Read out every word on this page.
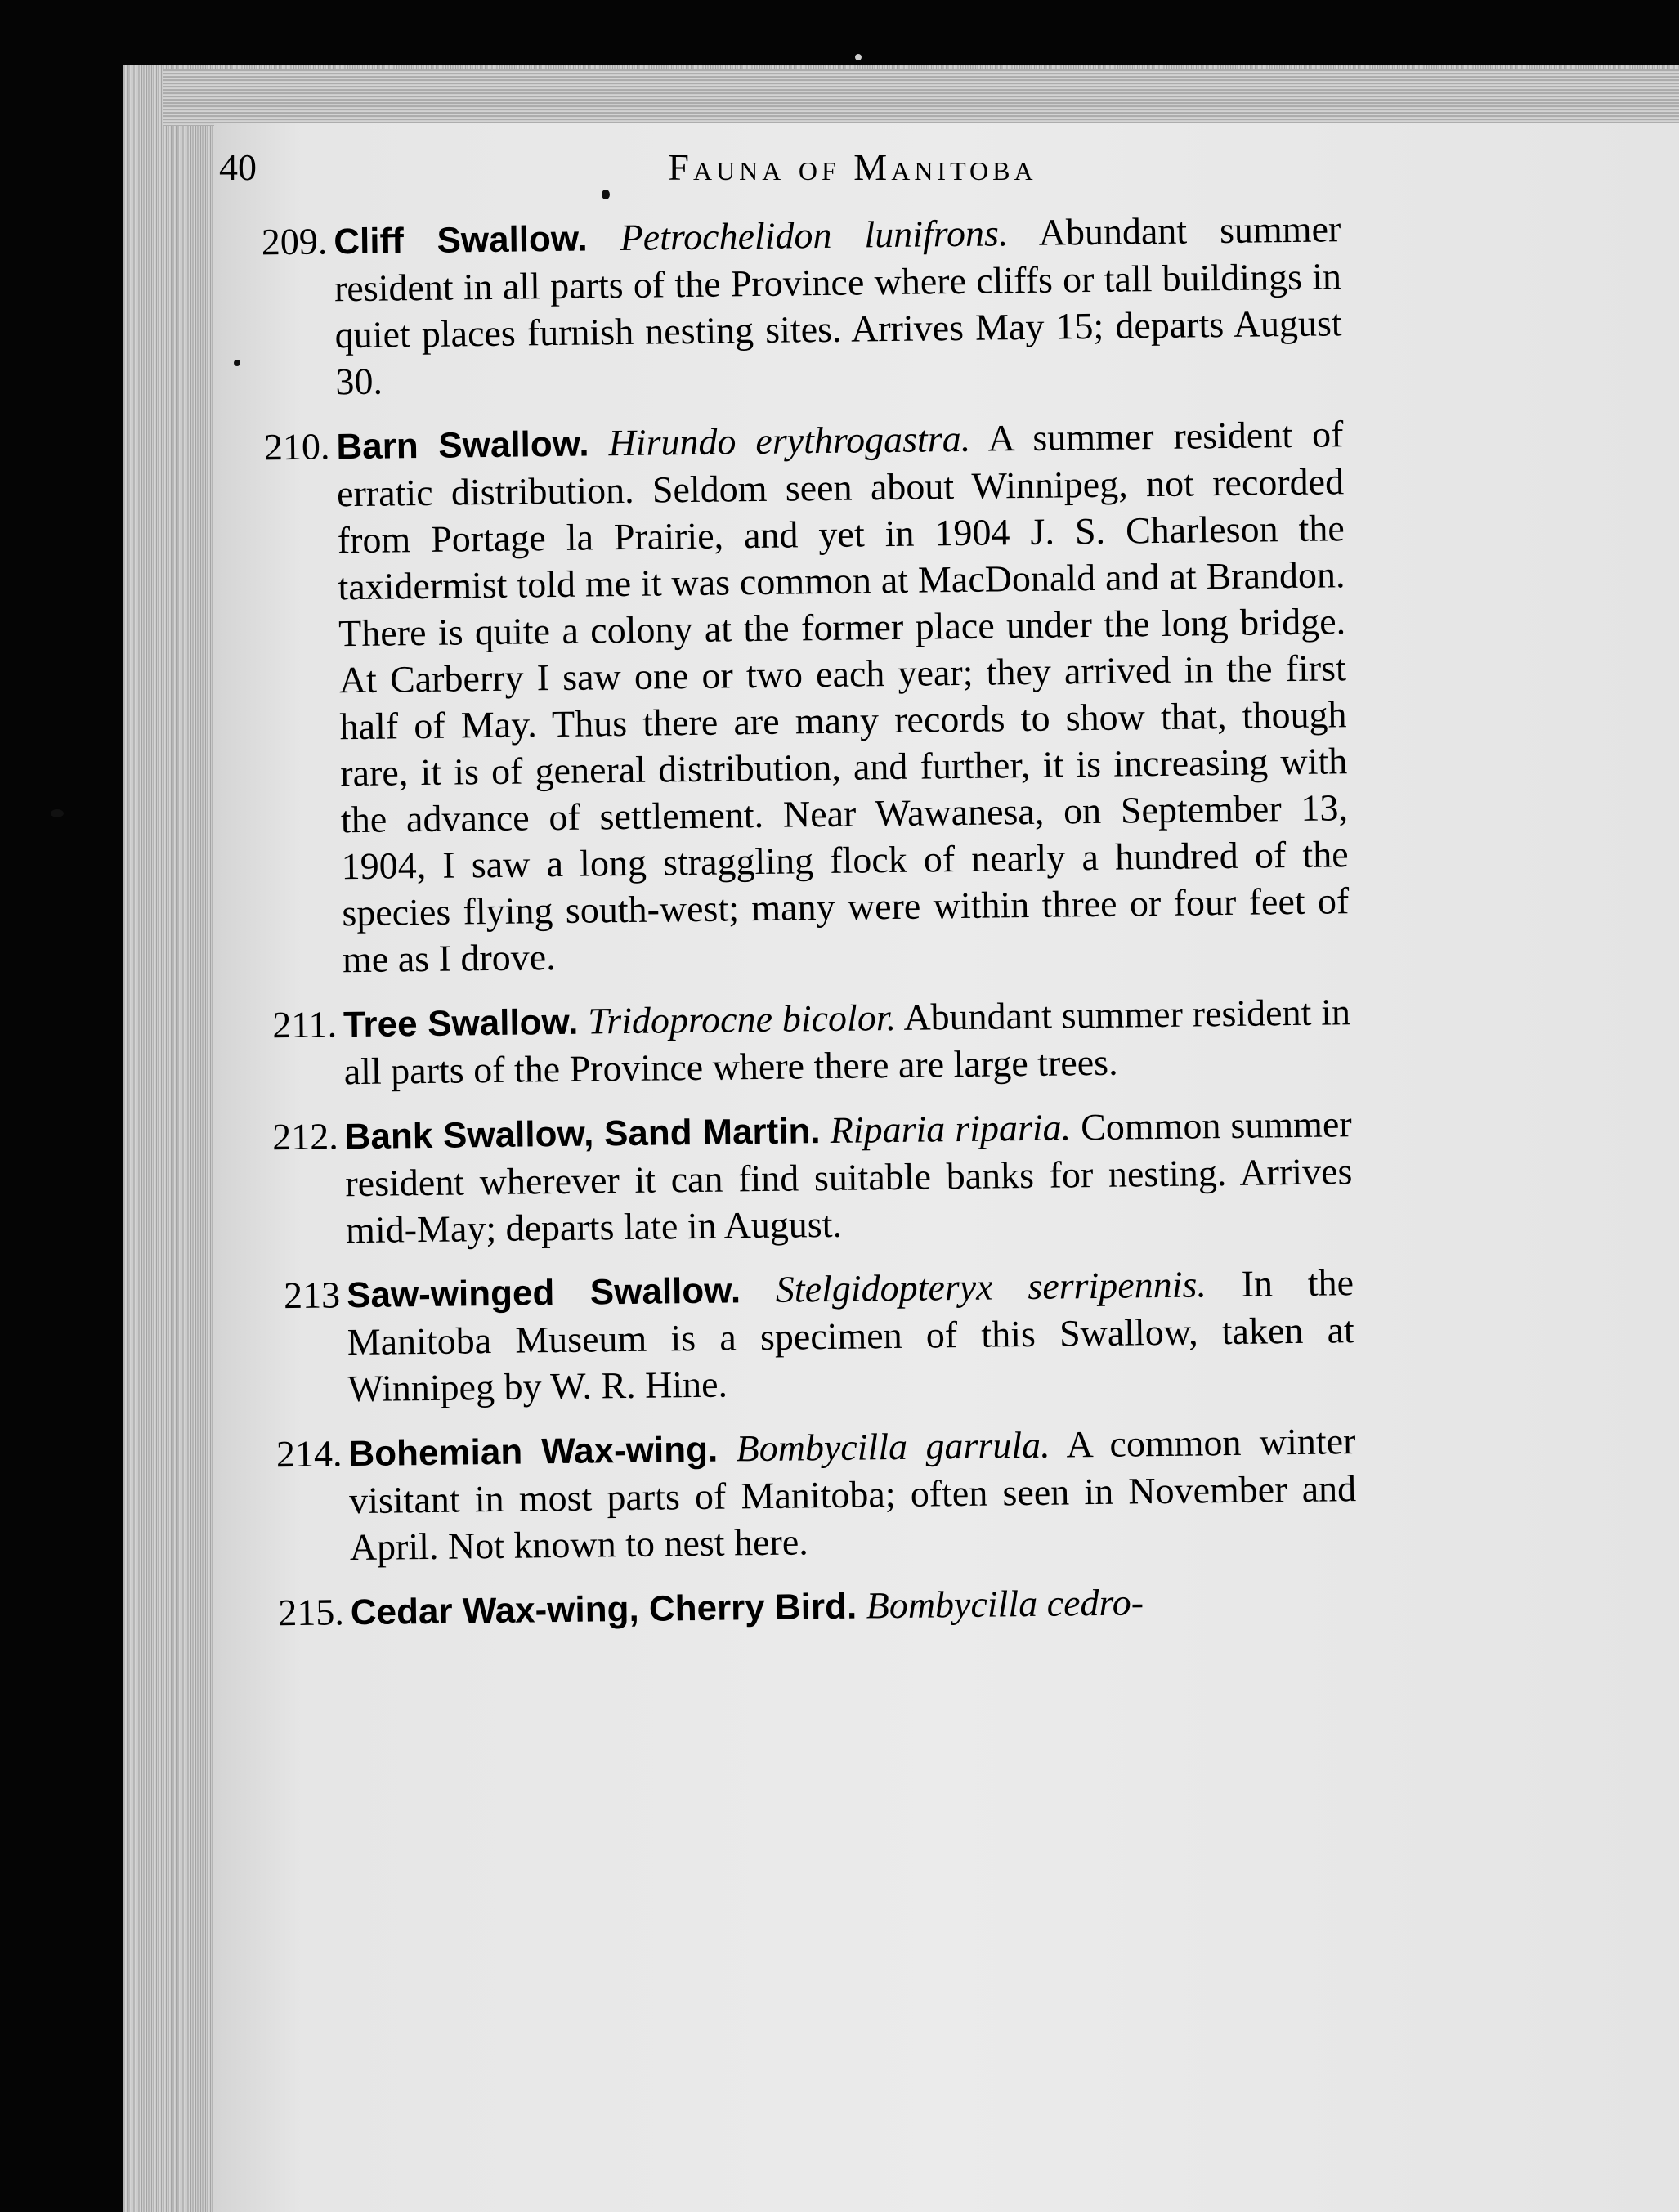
40	Fauna of Manitoba
209. Cliff Swallow. Petrochelidon lunifrons. Abundant summer resident in all parts of the Province where cliffs or tall buildings in quiet places furnish nesting sites. Arrives May 15; departs August 30.
210. Barn Swallow. Hirundo erythrogastra. A summer resident of erratic distribution. Seldom seen about Winnipeg, not recorded from Portage la Prairie, and yet in 1904 J. S. Charleson the taxidermist told me it was common at MacDonald and at Brandon. There is quite a colony at the former place under the long bridge. At Carberry I saw one or two each year; they arrived in the first half of May. Thus there are many records to show that, though rare, it is of general distribution, and further, it is increasing with the advance of settlement. Near Wawanesa, on September 13, 1904, I saw a long straggling flock of nearly a hundred of the species flying south-west; many were within three or four feet of me as I drove.
211. Tree Swallow. Tridoprocne bicolor. Abundant summer resident in all parts of the Province where there are large trees.
212. Bank Swallow, Sand Martin. Riparia riparia. Common summer resident wherever it can find suitable banks for nesting. Arrives mid-May; departs late in August.
213 Saw-winged Swallow. Stelgidopteryx serripennis. In the Manitoba Museum is a specimen of this Swallow, taken at Winnipeg by W. R. Hine.
214. Bohemian Wax-wing. Bombycilla garrula. A common winter visitant in most parts of Manitoba; often seen in November and April. Not known to nest here.
215. Cedar Wax-wing, Cherry Bird. Bombycilla cedro-
